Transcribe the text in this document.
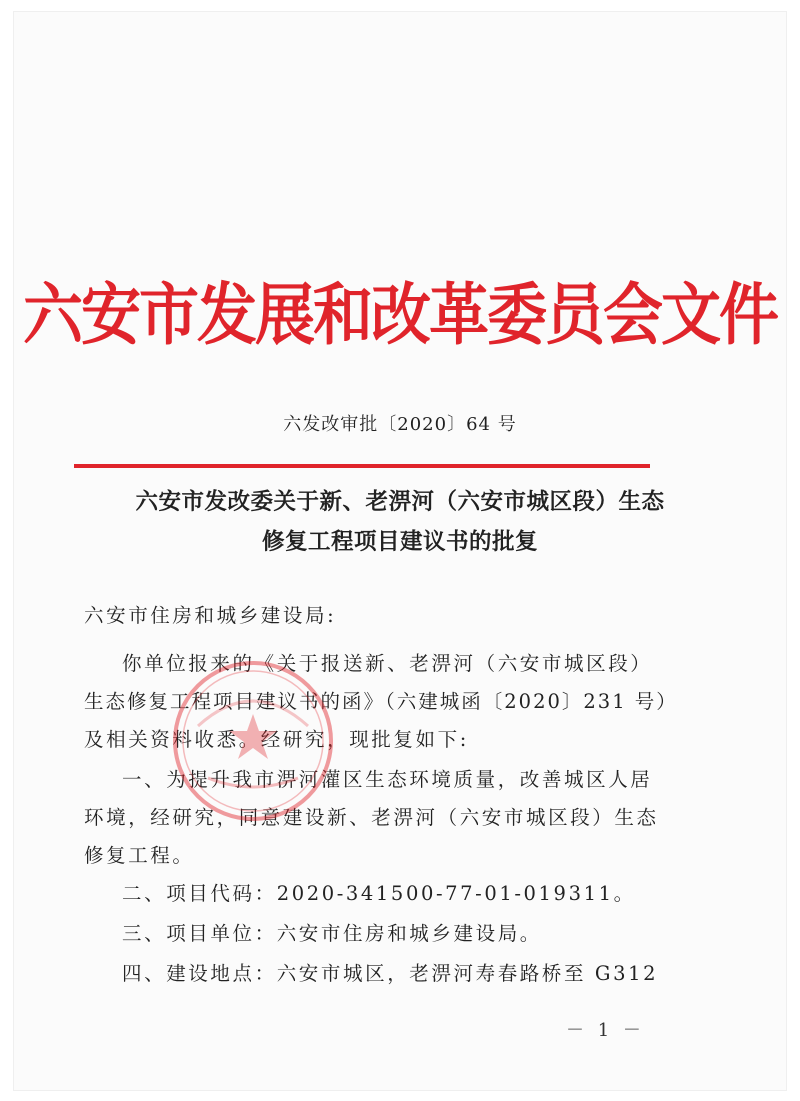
六安市发展和改革委员会文件
六发改审批〔2020〕64 号
六安市发改委关于新、老淠河（六安市城区段）生态
修复工程项目建议书的批复
六安市住房和城乡建设局:
你单位报来的《关于报送新、老淠河（六安市城区段）
生态修复工程项目建议书的函》（六建城函〔2020〕231 号）
及相关资料收悉。经研究，现批复如下:
一、为提升我市淠河灌区生态环境质量，改善城区人居
环境，经研究，同意建设新、老淠河（六安市城区段）生态
修复工程。
二、项目代码：2020-341500-77-01-019311。
三、项目单位：六安市住房和城乡建设局。
四、建设地点：六安市城区，老淠河寿春路桥至 G312
－ 1 －
